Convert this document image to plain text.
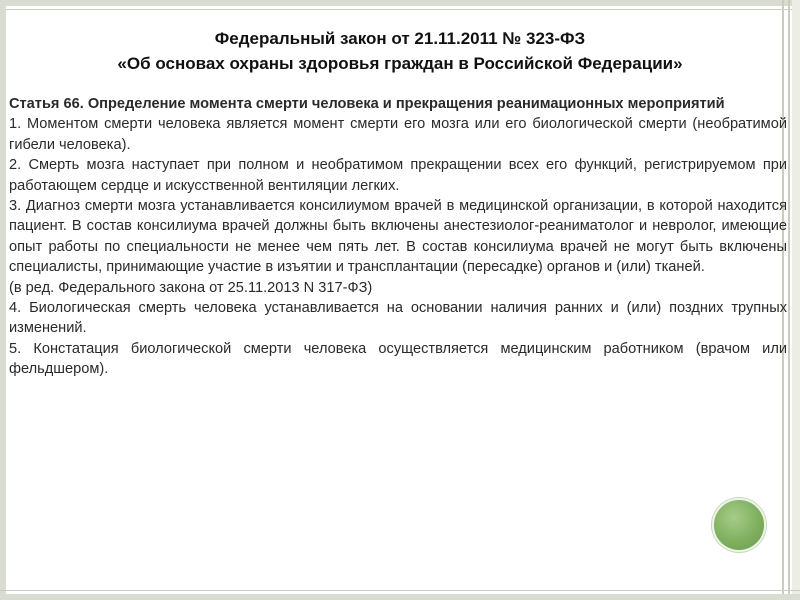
Федеральный закон от 21.11.2011 № 323-ФЗ
«Об основах охраны здоровья граждан в Российской Федерации»

Статья 66. Определение момента смерти человека и прекращения реанимационных мероприятий

1. Моментом смерти человека является момент смерти его мозга или его биологической смерти (необратимой гибели человека).

2. Смерть мозга наступает при полном и необратимом прекращении всех его функций, регистрируемом при работающем сердце и искусственной вентиляции легких.

3. Диагноз смерти мозга устанавливается консилиумом врачей в медицинской организации, в которой находится пациент. В состав консилиума врачей должны быть включены анестезиолог-реаниматолог и невролог, имеющие опыт работы по специальности не менее чем пять лет. В состав консилиума врачей не могут быть включены специалисты, принимающие участие в изъятии и трансплантации (пересадке) органов и (или) тканей.

(в ред. Федерального закона от 25.11.2013 N 317-ФЗ)

4. Биологическая смерть человека устанавливается на основании наличия ранних и (или) поздних трупных изменений.

5. Констатация биологической смерти человека осуществляется медицинским работником (врачом или фельдшером).
